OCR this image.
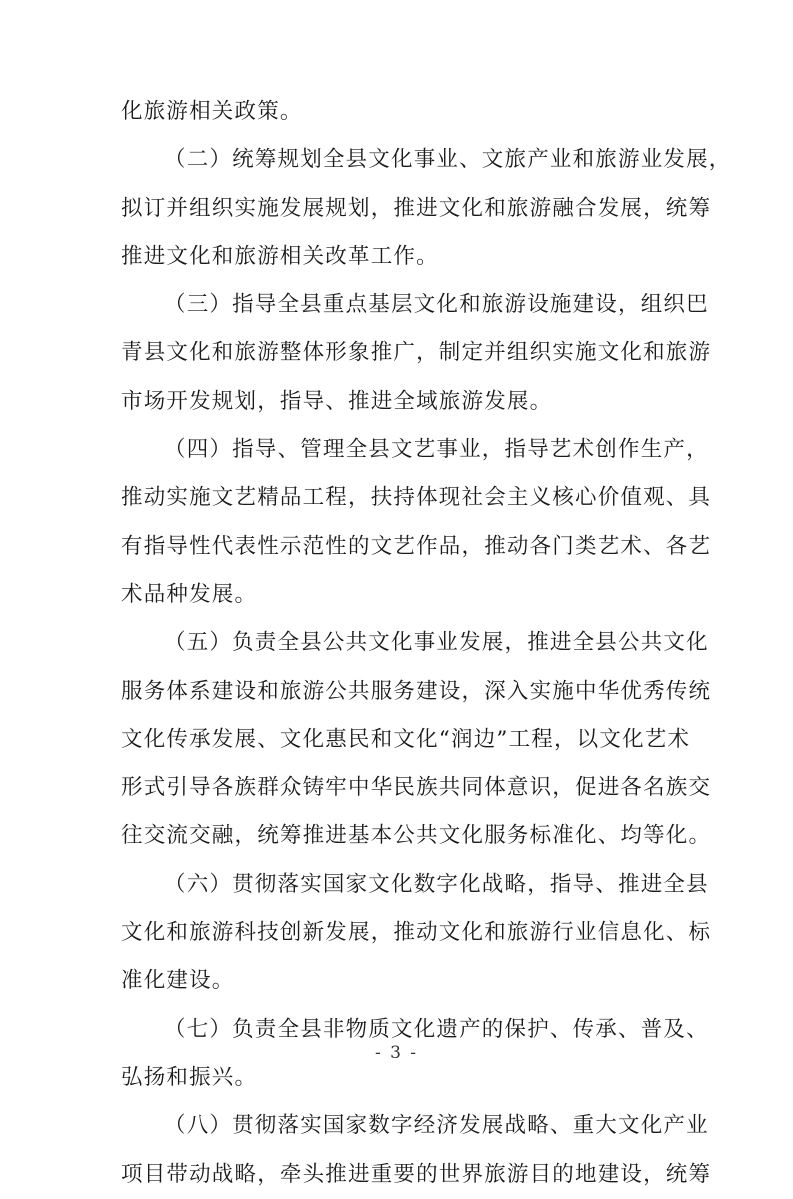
化旅游相关政策。
（二）统筹规划全县文化事业、文旅产业和旅游业发展，
拟订并组织实施发展规划，推进文化和旅游融合发展，统筹
推进文化和旅游相关改革工作。
（三）指导全县重点基层文化和旅游设施建设，组织巴
青县文化和旅游整体形象推广，制定并组织实施文化和旅游
市场开发规划，指导、推进全域旅游发展。
（四）指导、管理全县文艺事业，指导艺术创作生产，
推动实施文艺精品工程，扶持体现社会主义核心价值观、具
有指导性代表性示范性的文艺作品，推动各门类艺术、各艺
术品种发展。
（五）负责全县公共文化事业发展，推进全县公共文化
服务体系建设和旅游公共服务建设，深入实施中华优秀传统
文化传承发展、文化惠民和文化“润边”工程，以文化艺术
形式引导各族群众铸牢中华民族共同体意识，促进各名族交
往交流交融，统筹推进基本公共文化服务标准化、均等化。
（六）贯彻落实国家文化数字化战略，指导、推进全县
文化和旅游科技创新发展，推动文化和旅游行业信息化、标
准化建设。
（七）负责全县非物质文化遗产的保护、传承、普及、
弘扬和振兴。
（八）贯彻落实国家数字经济发展战略、重大文化产业
项目带动战略，牵头推进重要的世界旅游目的地建设，统筹
- 3 -
